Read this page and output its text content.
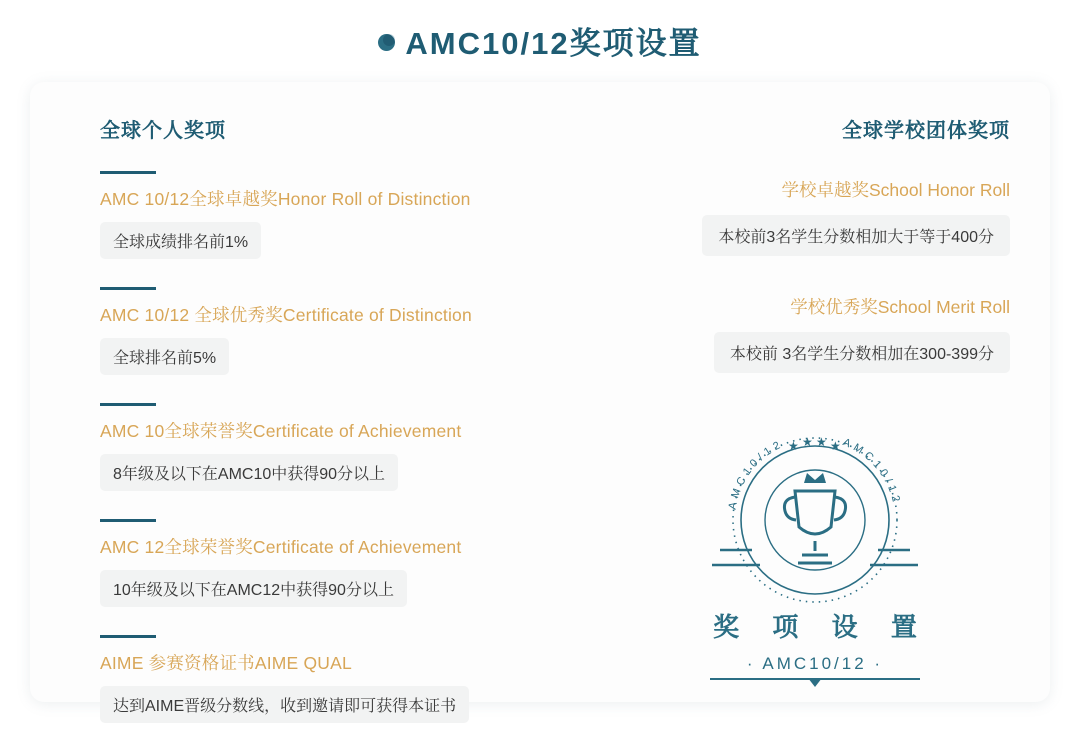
AMC10/12奖项设置
全球个人奖项
AMC 10/12全球卓越奖Honor Roll of Distinction
全球成绩排名前1%
AMC 10/12 全球优秀奖Certificate of Distinction
全球排名前5%
AMC 10全球荣誉奖Certificate of Achievement
8年级及以下在AMC10中获得90分以上
AMC 12全球荣誉奖Certificate of Achievement
10年级及以下在AMC12中获得90分以上
AIME 参赛资格证书AIME QUAL
达到AIME晋级分数线，收到邀请即可获得本证书
全球学校团体奖项
学校卓越奖School Honor Roll
本校前3名学生分数相加大于等于400分
学校优秀奖School Merit Roll
本校前 3名学生分数相加在300-399分
★ ★ ★ ★
AMC10/12	AMC10/12
奖 项 设 置
· AMC10/12 ·
